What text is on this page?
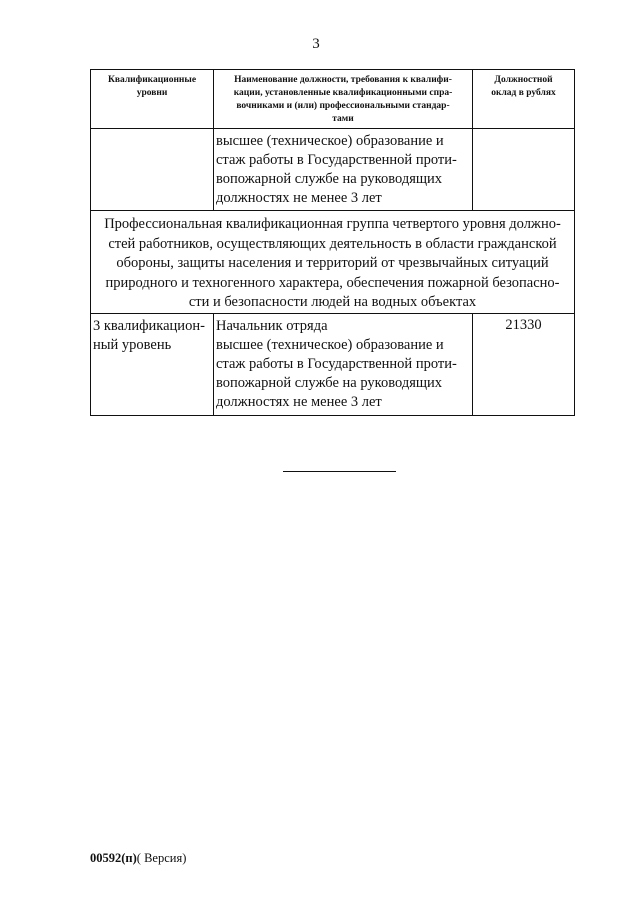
3
Квалификационные
уровни	Наименование должности, требования к квалифи-
кации, установленные квалификационными спра-
вочниками и (или) профессиональными стандар-
тами	Должностной
оклад в рублях

	высшее (техническое) образование и
стаж работы в Государственной проти-
вопожарной службе на руководящих
должностях не менее 3 лет	

Профессиональная квалификационная группа четвертого уровня должно-
стей работников, осуществляющих деятельность в области гражданской
обороны, защиты населения и территорий от чрезвычайных ситуаций
природного и техногенного характера, обеспечения пожарной безопасно-
сти и безопасности людей на водных объектах		

3 квалификацион-
ный уровень	Начальник отряда
высшее (техническое) образование и
стаж работы в Государственной проти-
вопожарной службе на руководящих
должностях не менее 3 лет	21330
00592(п)( Версия)
